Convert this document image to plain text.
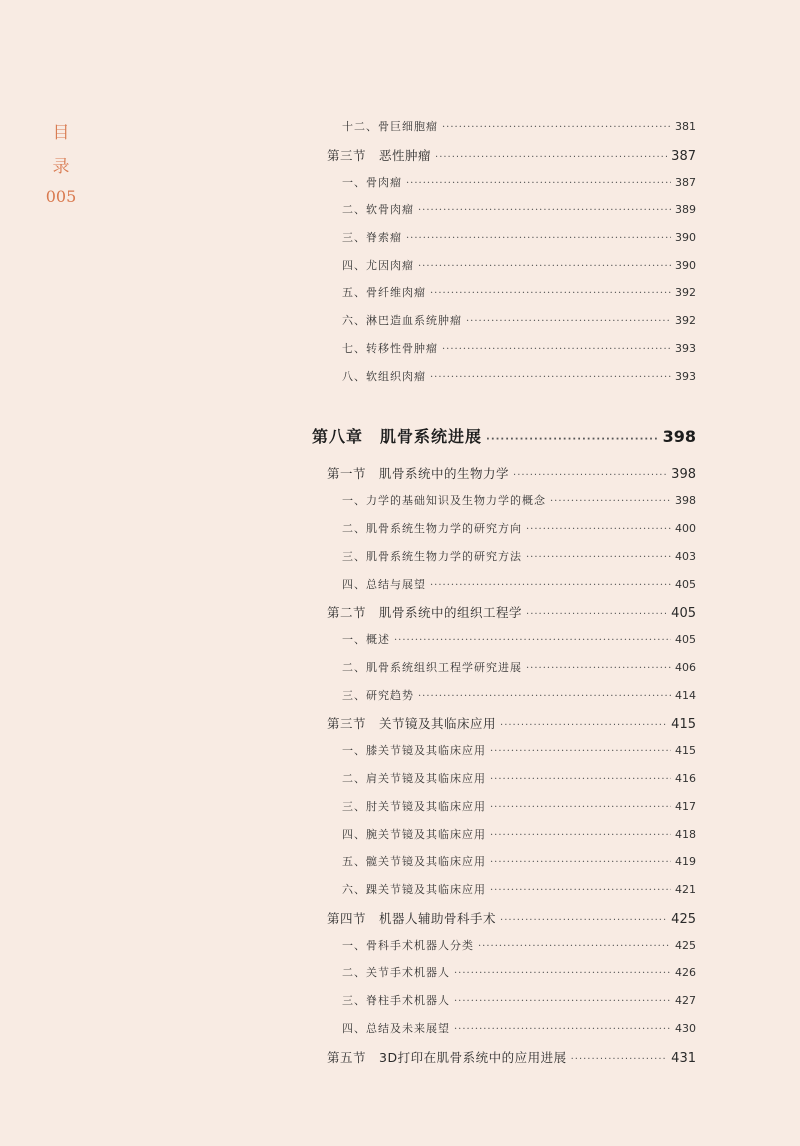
目
录
005
十二、骨巨细胞瘤 ·····	381
第三节　恶性肿瘤 ·····	387
一、骨肉瘤 ·····	387
二、软骨肉瘤 ·····	389
三、脊索瘤 ·····	390
四、尤因肉瘤 ·····	390
五、骨纤维肉瘤 ·····	392
六、淋巴造血系统肿瘤 ·····	392
七、转移性骨肿瘤 ·····	393
八、软组织肉瘤 ·····	393
第八章　肌骨系统进展 ·····	398
第一节　肌骨系统中的生物力学 ·····	398
一、力学的基础知识及生物力学的概念 ·····	398
二、肌骨系统生物力学的研究方向 ·····	400
三、肌骨系统生物力学的研究方法 ·····	403
四、总结与展望 ·····	405
第二节　肌骨系统中的组织工程学 ·····	405
一、概述 ·····	405
二、肌骨系统组织工程学研究进展 ·····	406
三、研究趋势 ·····	414
第三节　关节镜及其临床应用 ·····	415
一、膝关节镜及其临床应用 ·····	415
二、肩关节镜及其临床应用 ·····	416
三、肘关节镜及其临床应用 ·····	417
四、腕关节镜及其临床应用 ·····	418
五、髋关节镜及其临床应用 ·····	419
六、踝关节镜及其临床应用 ·····	421
第四节　机器人辅助骨科手术 ·····	425
一、骨科手术机器人分类 ·····	425
二、关节手术机器人 ·····	426
三、脊柱手术机器人 ·····	427
四、总结及未来展望 ·····	430
第五节　3D打印在肌骨系统中的应用进展 ·····	431
